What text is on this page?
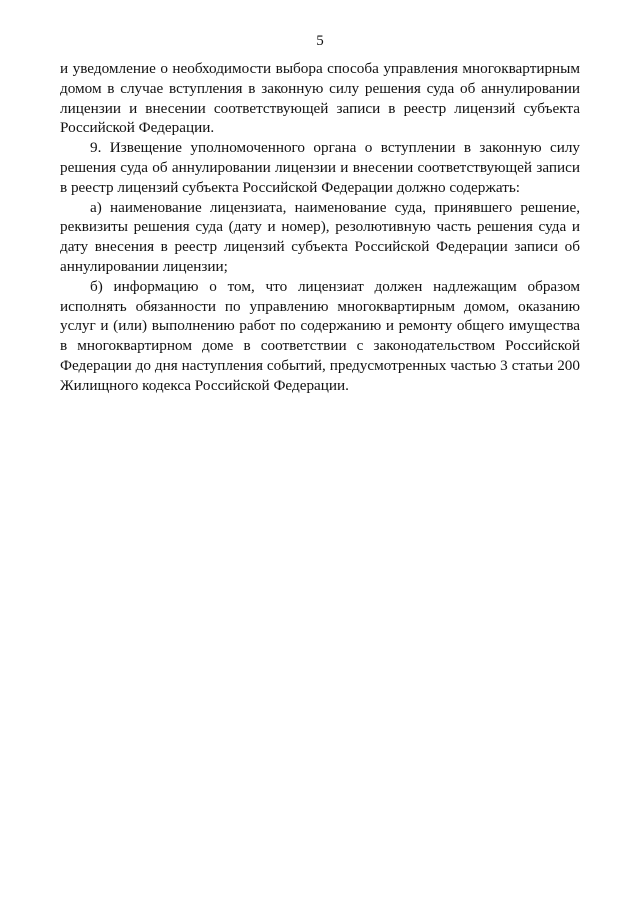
5

и уведомление о необходимости выбора способа управления многоквартирным домом в случае вступления в законную силу решения суда об аннулировании лицензии и внесении соответствующей записи в реестр лицензий субъекта Российской Федерации.

9. Извещение уполномоченного органа о вступлении в законную силу решения суда об аннулировании лицензии и внесении соответствующей записи в реестр лицензий субъекта Российской Федерации должно содержать:

а) наименование лицензиата, наименование суда, принявшего решение, реквизиты решения суда (дату и номер), резолютивную часть решения суда и дату внесения в реестр лицензий субъекта Российской Федерации записи об аннулировании лицензии;

б) информацию о том, что лицензиат должен надлежащим образом исполнять обязанности по управлению многоквартирным домом, оказанию услуг и (или) выполнению работ по содержанию и ремонту общего имущества в многоквартирном доме в соответствии с законодательством Российской Федерации до дня наступления событий, предусмотренных частью 3 статьи 200 Жилищного кодекса Российской Федерации.
